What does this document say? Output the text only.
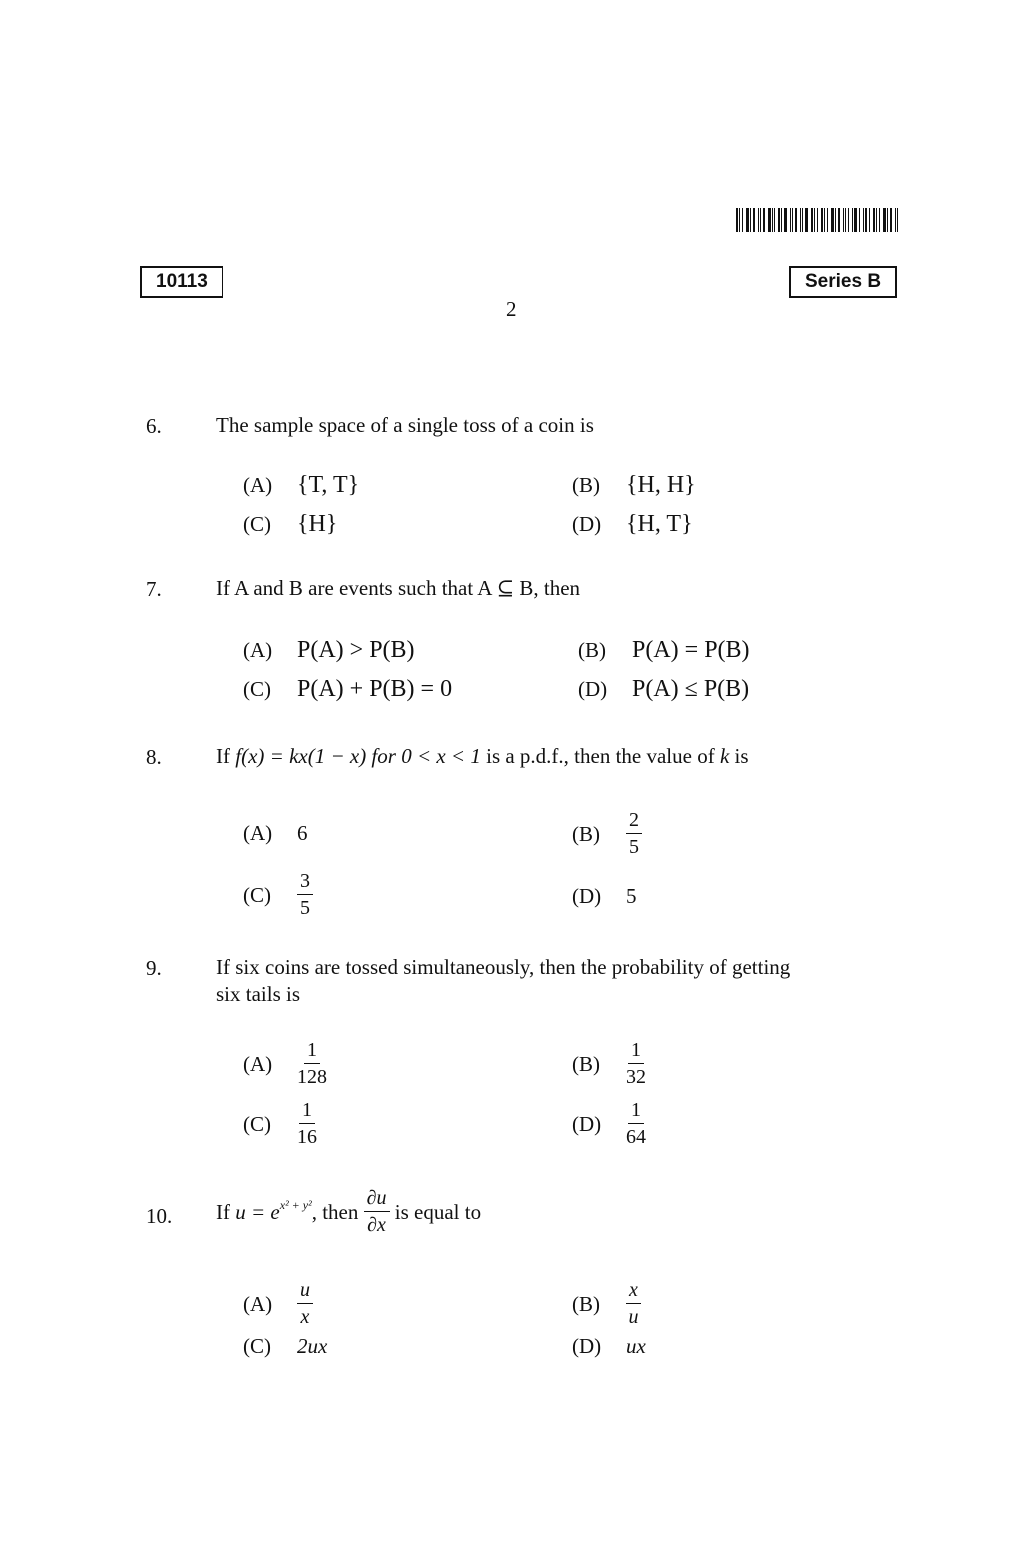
10113	Series B
2
6.	The sample space of a single toss of a coin is
(A)	{T, T}	(B)	{H, H}
(C)	{H}	(D)	{H, T}
7.	If A and B are events such that A ⊆ B, then
(A)	P(A) > P(B)	(B)	P(A) = P(B)
(C)	P(A) + P(B) = 0	(D)	P(A) ≤ P(B)
8.	If f(x) = kx(1 − x) for 0 < x < 1 is a p.d.f., then the value of k is
(A)	6	(B)	$\frac{2}{5}$
(C)	$\frac{3}{5}$	(D)	5
9.	If six coins are tossed simultaneously, then the probability of getting
six tails is
(A)	$\frac{1}{128}$	(B)	$\frac{1}{32}$
(C)	$\frac{1}{16}$	(D)	$\frac{1}{64}$
10. If
u = e x² + y² , then
$\frac{\partial u}{\partial x}$
is equal to
(A)	$\frac{u}{x}$	(B)	$\frac{x}{u}$
(C)	2ux	(D)	ux
